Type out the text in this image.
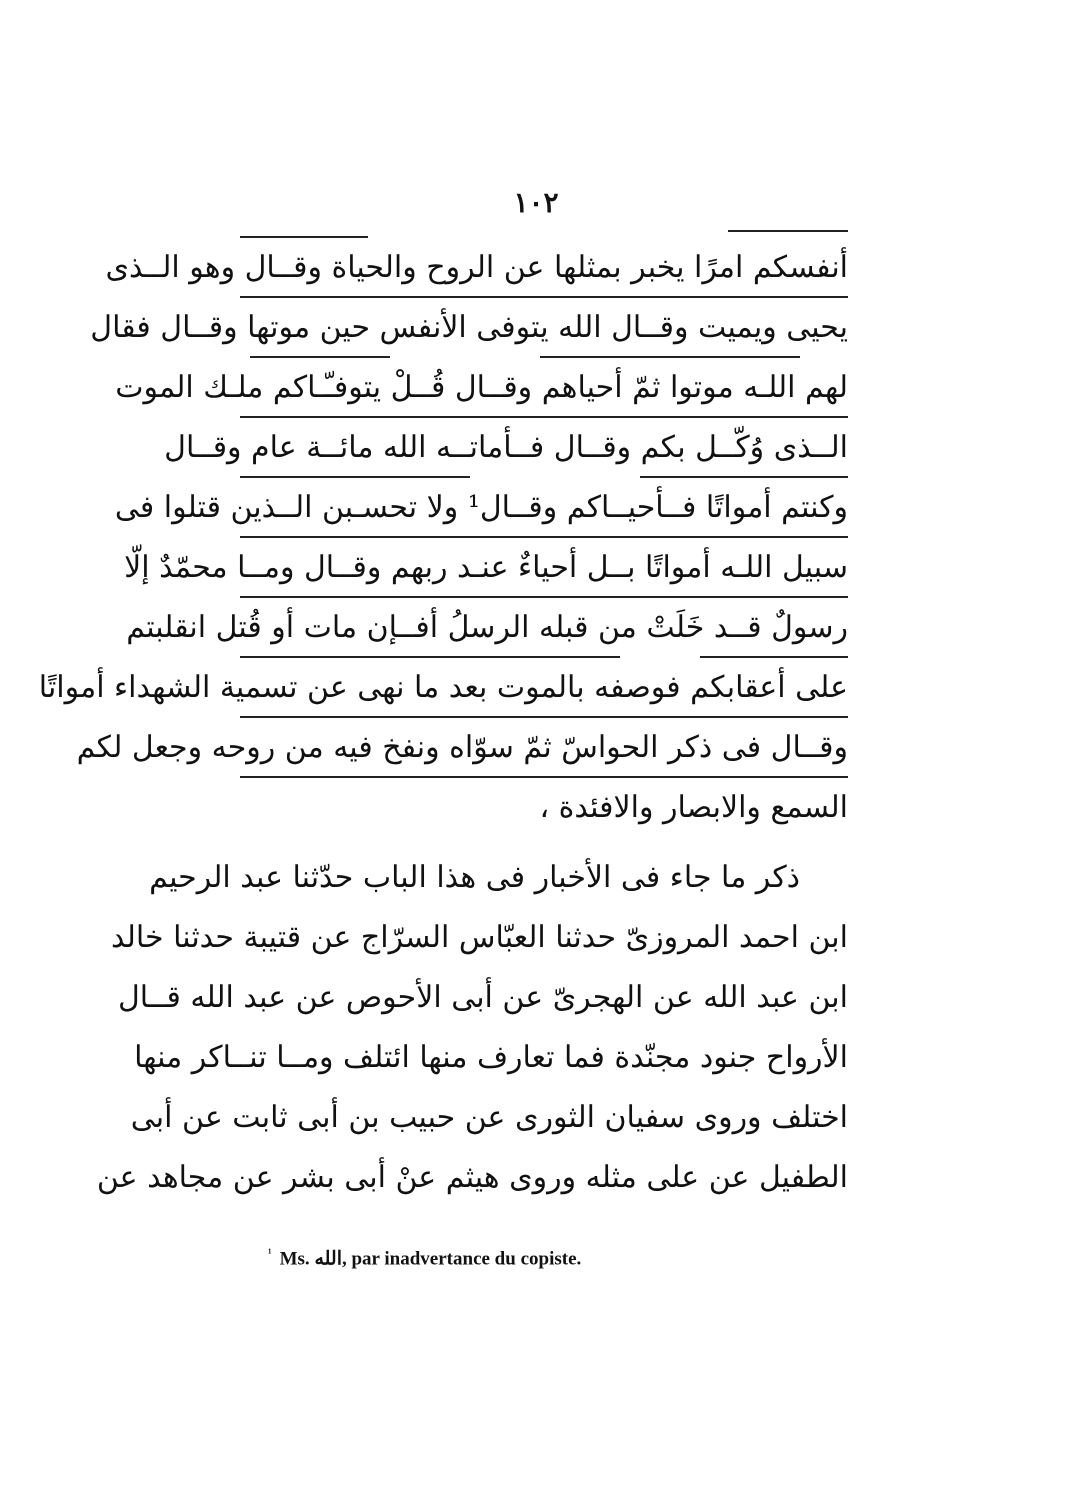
١٠٢
أنفسكم امرًا يخبر بمثلها عن الروح والحياة وقــال وهو الــذى
يحيى ويميت وقــال الله يتوفى الأنفس حين موتها وقــال فقال
لهم اللـه موتوا ثمّ أحياهم وقــال قُــلْ يتوفـّـاكم ملـك الموت
الــذى وُكّــل بكم وقــال فــأماتــه الله مائــة عام وقــال
وكنتم أمواتًا فــأحيــاكم وقــال¹ ولا تحسـبن الــذين قتلوا فى
سبيل اللـه أمواتًا بــل أحياءٌ عنـد ربهم وقــال ومــا محمّدٌ إلّا
رسولٌ قــد خَلَتْ من قبله الرسلُ أفــإن مات أو قُتل انقلبتم
على أعقابكم فوصفه بالموت بعد ما نهى عن تسمية الشهداء أمواتًا
وقــال فى ذكر الحواسّ ثمّ سوّاه ونفخ فيه من روحه وجعل لكم
السمع والابصار والافئدة ،
ذكر ما جاء فى الأخبار فى هذا الباب حدّثنا عبد الرحيم
ابن احمد المروزىّ حدثنا العبّاس السرّاج عن قتيبة حدثنا خالد
ابن عبد الله عن الهجرىّ عن أبى الأحوص عن عبد الله قــال
الأرواح جنود مجنّدة فما تعارف منها ائتلف ومــا تنــاكر منها
اختلف وروى سفيان الثورى عن حبيب بن أبى ثابت عن أبى
الطفيل عن على مثله وروى هيثم عنْ أبى بشر عن مجاهد عن
$^{^1}$ Ms. الله, par inadvertance du copiste.
